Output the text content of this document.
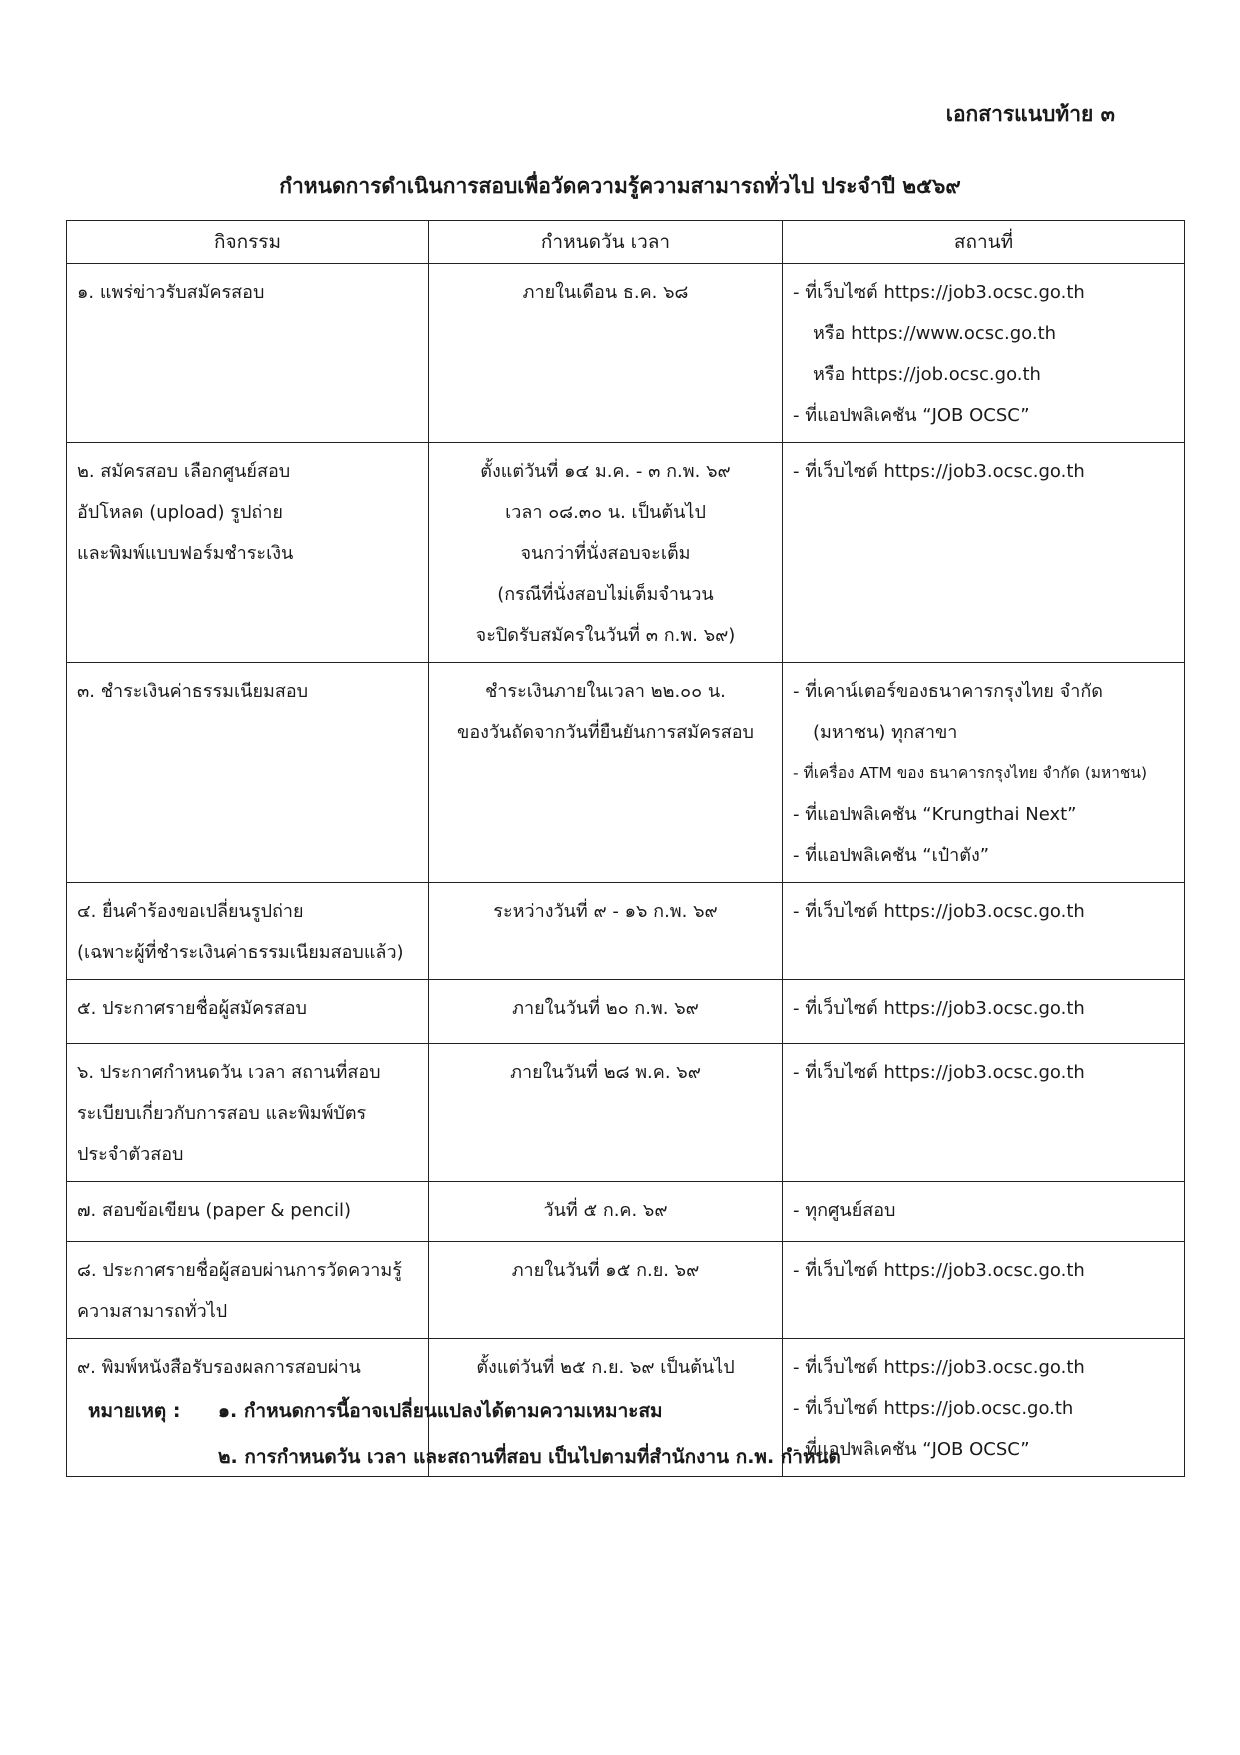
เอกสารแนบท้าย ๓
กำหนดการดำเนินการสอบเพื่อวัดความรู้ความสามารถทั่วไป ประจำปี ๒๕๖๙
กิจกรรม	กำหนดวัน เวลา	สถานที่

๑. แพร่ข่าวรับสมัครสอบ	ภายในเดือน ธ.ค. ๖๘	- ที่เว็บไซต์ https://job3.ocsc.go.th
หรือ https://www.ocsc.go.th
หรือ https://job.ocsc.go.th
- ที่แอปพลิเคชัน “JOB OCSC”

๒. สมัครสอบ เลือกศูนย์สอบ
อัปโหลด (upload) รูปถ่าย
และพิมพ์แบบฟอร์มชำระเงิน	ตั้งแต่วันที่ ๑๔ ม.ค. - ๓ ก.พ. ๖๙
เวลา ๐๘.๓๐ น. เป็นต้นไป
จนกว่าที่นั่งสอบจะเต็ม
(กรณีที่นั่งสอบไม่เต็มจำนวน
จะปิดรับสมัครในวันที่ ๓ ก.พ. ๖๙)	- ที่เว็บไซต์ https://job3.ocsc.go.th

๓. ชำระเงินค่าธรรมเนียมสอบ	ชำระเงินภายในเวลา ๒๒.๐๐ น.
ของวันถัดจากวันที่ยืนยันการสมัครสอบ	- ที่เคาน์เตอร์ของธนาคารกรุงไทย จำกัด
(มหาชน) ทุกสาขา
- ที่เครื่อง ATM ของ ธนาคารกรุงไทย จำกัด (มหาชน)
- ที่แอปพลิเคชัน “Krungthai Next”
- ที่แอปพลิเคชัน “เป๋าตัง”

๔. ยื่นคำร้องขอเปลี่ยนรูปถ่าย
(เฉพาะผู้ที่ชำระเงินค่าธรรมเนียมสอบแล้ว)	ระหว่างวันที่ ๙ - ๑๖ ก.พ. ๖๙	- ที่เว็บไซต์ https://job3.ocsc.go.th

๕. ประกาศรายชื่อผู้สมัครสอบ	ภายในวันที่ ๒๐ ก.พ. ๖๙	- ที่เว็บไซต์ https://job3.ocsc.go.th

๖. ประกาศกำหนดวัน เวลา สถานที่สอบ
ระเบียบเกี่ยวกับการสอบ และพิมพ์บัตร
ประจำตัวสอบ	ภายในวันที่ ๒๘ พ.ค. ๖๙	- ที่เว็บไซต์ https://job3.ocsc.go.th

๗. สอบข้อเขียน (paper & pencil)	วันที่ ๕ ก.ค. ๖๙	- ทุกศูนย์สอบ

๘. ประกาศรายชื่อผู้สอบผ่านการวัดความรู้
ความสามารถทั่วไป	ภายในวันที่ ๑๕ ก.ย. ๖๙	- ที่เว็บไซต์ https://job3.ocsc.go.th

๙. พิมพ์หนังสือรับรองผลการสอบผ่าน	ตั้งแต่วันที่ ๒๕ ก.ย. ๖๙ เป็นต้นไป	- ที่เว็บไซต์ https://job3.ocsc.go.th
- ที่เว็บไซต์ https://job.ocsc.go.th
- ที่แอปพลิเคชัน “JOB OCSC”
หมายเหตุ :	๑. กำหนดการนี้อาจเปลี่ยนแปลงได้ตามความเหมาะสม
๒. การกำหนดวัน เวลา และสถานที่สอบ เป็นไปตามที่สำนักงาน ก.พ. กำหนด
